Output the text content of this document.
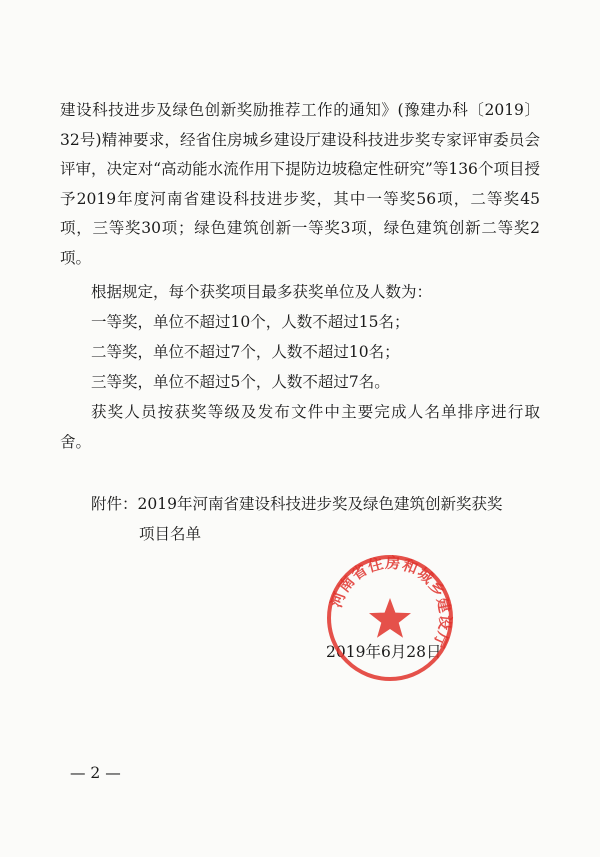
建设科技进步及绿色创新奖励推荐工作的通知》(豫建办科〔2019〕32号)精神要求，经省住房城乡建设厅建设科技进步奖专家评审委员会评审，决定对“高动能水流作用下提防边坡稳定性研究”等136个项目授予2019年度河南省建设科技进步奖，其中一等奖56项，二等奖45项，三等奖30项；绿色建筑创新一等奖3项，绿色建筑创新二等奖2项。

根据规定，每个获奖项目最多获奖单位及人数为：

一等奖，单位不超过10个，人数不超过15名；

二等奖，单位不超过7个，人数不超过10名；

三等奖，单位不超过5个，人数不超过7名。

获奖人员按获奖等级及发布文件中主要完成人名单排序进行取舍。

附件：2019年河南省建设科技进步奖及绿色建筑创新奖获奖
项目名单
2019年6月28日
河南省住房和城乡建设厅
— 2 —
